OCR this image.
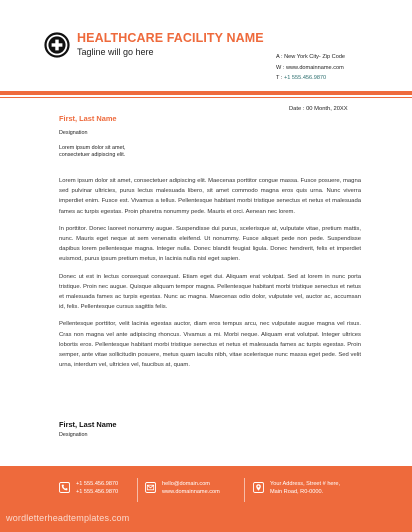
HEALTHCARE FACILITY NAME
Tagline will go here	A : New York City- Zip Code
W : www.domainname.com
T : +1 555.456.9870
Date : 00 Month, 20XX
First, Last Name
Designation
Lorem ipsum dolor sit amet,
consectetuer adipiscing elit.

Lorem ipsum dolor sit amet, consectetuer adipiscing elit. Maecenas porttitor congue massa. Fusce posuere, magna sed pulvinar ultricies, purus lectus malesuada libero, sit amet commodo magna eros quis urna. Nunc viverra imperdiet enim. Fusce est. Vivamus a tellus. Pellentesque habitant morbi tristique senectus et netus et malesuada fames ac turpis egestas. Proin pharetra nonummy pede. Mauris et orci. Aenean nec lorem.

In porttitor. Donec laoreet nonummy augue. Suspendisse dui purus, scelerisque at, vulputate vitae, pretium mattis, nunc. Mauris eget neque at sem venenatis eleifend. Ut nonummy. Fusce aliquet pede non pede. Suspendisse dapibus lorem pellentesque magna. Integer nulla. Donec blandit feugiat ligula. Donec hendrerit, felis et imperdiet euismod, purus ipsum pretium metus, in lacinia nulla nisl eget sapien.

Donec ut est in lectus consequat consequat. Etiam eget dui. Aliquam erat volutpat. Sed at lorem in nunc porta tristique. Proin nec augue. Quisque aliquam tempor magna. Pellentesque habitant morbi tristique senectus et netus et malesuada fames ac turpis egestas. Nunc ac magna. Maecenas odio dolor, vulputate vel, auctor ac, accumsan id, felis. Pellentesque cursus sagittis felis.

Pellentesque porttitor, velit lacinia egestas auctor, diam eros tempus arcu, nec vulputate augue magna vel risus. Cras non magna vel ante adipiscing rhoncus. Vivamus a mi. Morbi neque. Aliquam erat volutpat. Integer ultrices lobortis eros. Pellentesque habitant morbi tristique senectus et netus et malesuada fames ac turpis egestas. Proin semper, ante vitae sollicitudin posuere, metus quam iaculis nibh, vitae scelerisque nunc massa eget pede. Sed velit urna, interdum vel, ultricies vel, faucibus at, quam.

First, Last Name
Designation
+1 555.456.9870
+1 555.456.9870
hello@domain.com
www.domainname.com
Your Address, Street # here,
Main Road, R0-0000.
wordletterheadtemplates.com
